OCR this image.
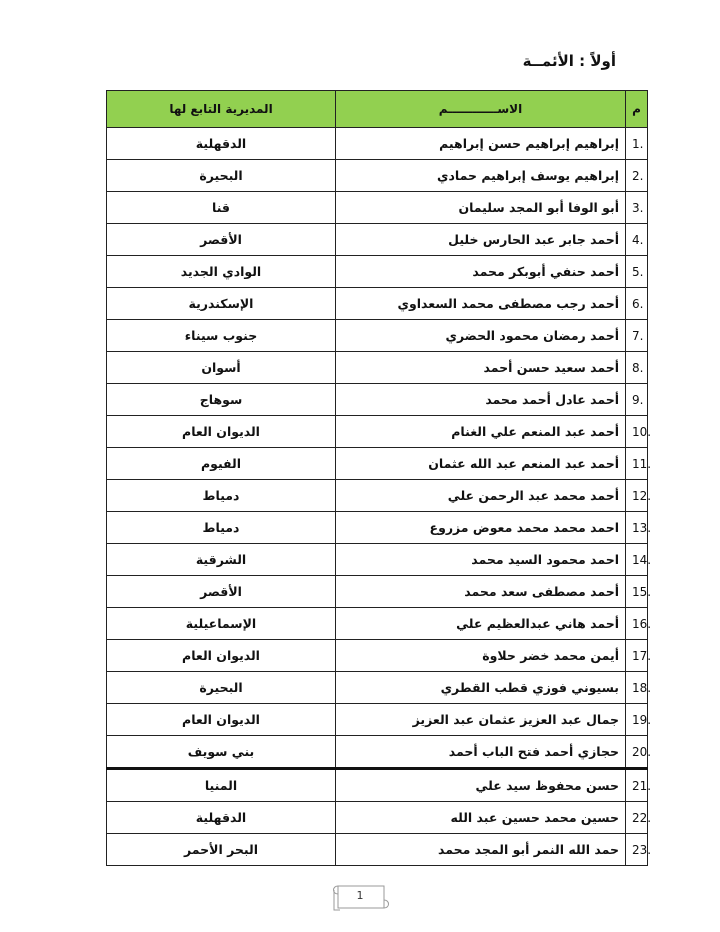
أولاً : الأئمــة
م	الاســــــــــــم	المديرية التابع لها
1.	إبراهيم إبراهيم حسن إبراهيم	الدقهلية
2.	إبراهيم يوسف إبراهيم حمادي	البحيرة
3.	أبو الوفا أبو المجد سليمان	قنا
4.	أحمد جابر عبد الحارس خليل	الأقصر
5.	أحمد حنفي أبوبكر محمد	الوادي الجديد
6.	أحمد رجب مصطفى محمد السعداوي	الإسكندرية
7.	أحمد رمضان محمود الحضري	جنوب سيناء
8.	أحمد سعيد حسن أحمد	أسوان
9.	أحمد عادل أحمد محمد	سوهاج
10.	أحمد عبد المنعم علي الغنام	الديوان العام
11.	أحمد عبد المنعم عبد الله عثمان	الفيوم
12.	أحمد محمد عبد الرحمن علي	دمياط
13.	احمد محمد محمد معوض مزروع	دمياط
14.	احمد محمود السيد محمد	الشرقية
15.	أحمد مصطفى سعد محمد	الأقصر
16.	أحمد هاني عبدالعظيم علي	الإسماعيلية
17.	أيمن محمد خضر حلاوة	الديوان العام
18.	بسيوني فوزي قطب القطري	البحيرة
19.	جمال عبد العزيز عثمان عبد العزيز	الديوان العام
20.	حجازي أحمد فتح الباب أحمد	بني سويف
21.	حسن محفوظ سيد علي	المنيا
22.	حسين محمد حسين عبد الله	الدقهلية
23.	حمد الله النمر أبو المجد محمد	البحر الأحمر
1
